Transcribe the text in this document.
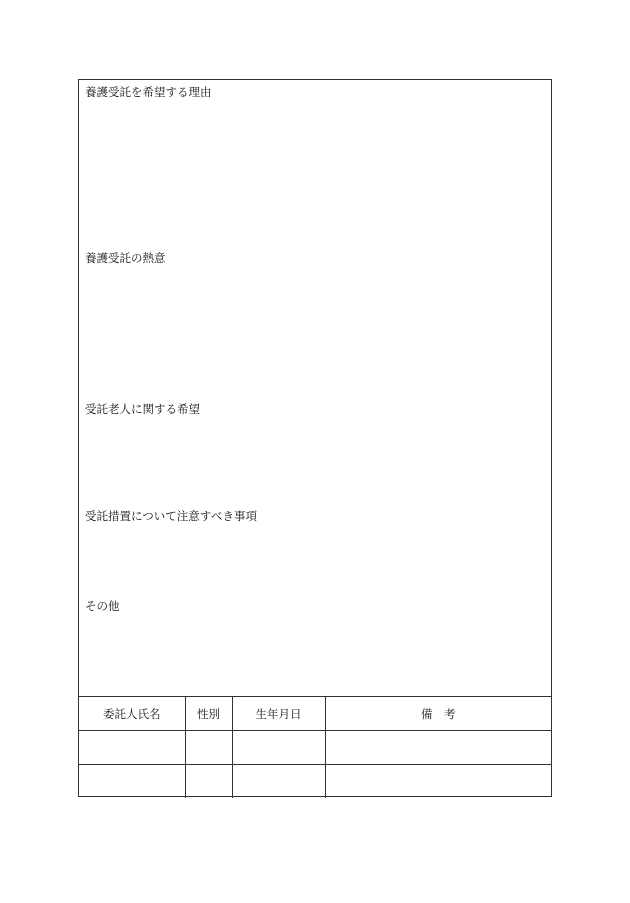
養護受託を希望する理由
養護受託の熱意
受託老人に関する希望
受託措置について注意すべき事項
その他
委託人氏名	性別	生年月日	備　考
